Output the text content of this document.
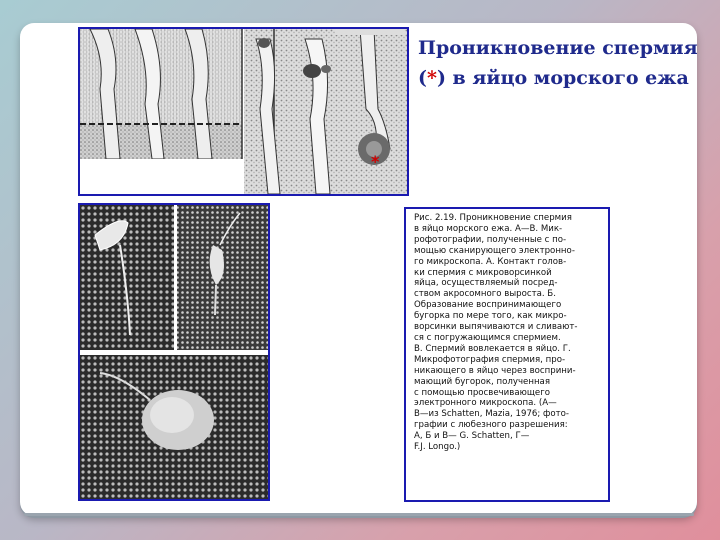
Проникновение спермия
(*) в яйцо морского ежа
*
Рис. 2.19. Проникновение спермия
в яйцо морского ежа. А—В. Мик-
рофотографии, полученные с по-
мощью сканирующего электронно-
го микроскопа. А. Контакт голов-
ки спермия с микроворсинкой
яйца, осуществляемый посред-
ством акросомного выроста. Б.
Образование воспринимающего
бугорка по мере того, как микро-
ворсинки выпячиваются и сливают-
ся с погружающимся спермием.
В. Спермий вовлекается в яйцо. Г.
Микрофотография спермия, про-
никающего в яйцо через восприни-
мающий бугорок, полученная
с помощью просвечивающего
электронного микроскопа. (А—
В—из Schatten, Mazia, 1976; фото-
графии с любезного разрешения:
А, Б и В— G. Schatten, Г—
F.J. Longo.)
